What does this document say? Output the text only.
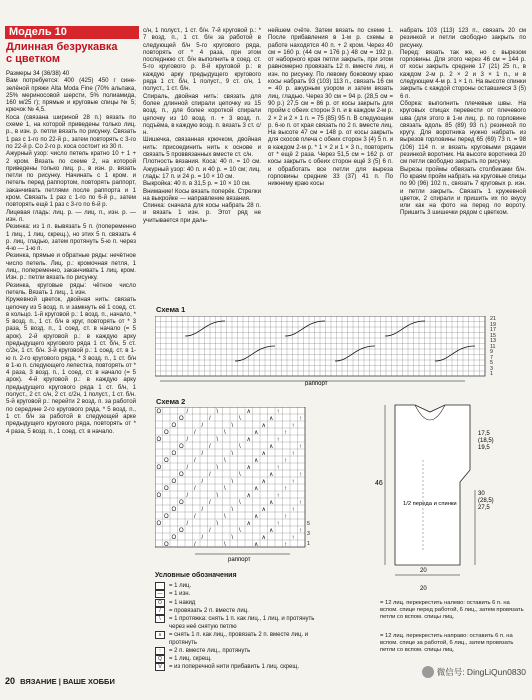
Модель 10
Длинная безрукавка
с цветком
Размеры 34 (36/38) 40
Вам потребуется: 400 (425) 450 г сине-зелёной пряжи Alta Moda Fine (70% альпака, 25% мериносовой шерсти, 5% полиамида, 160 м/25 г); прямые и круговые спицы № 5; крючок № 4,5.
Коса (связана шириной 28 п.) вязать по схеме 1, на которой приведены только лиц. р., в изн. р. петли вязать по рисунку. Связать 1 раз с 1-го по 22-й р., затем повторять с 3-го по 22-й р. Со 2-го р. коса состоит из 30 п.
Ажурный узор: число петель кратно 10 + 1 + 2 кром. Вязать по схеме 2, на которой приведены только лиц. р., в изн. р. вязать петли по рисунку. Начинать с 1 кром. и петель перед раппортом, повторять раппорт, заканчивать петлями после раппорта и 1 кром. Связать 1 раз с 1-го по 6-й р., затем повторять ещё 1 раз с 3-го по 6-й р.
Лицевая гладь: лиц. р. — лиц. п., изн. р. — изн. п.
Резинка: из 1 п. вывязать 5 п. (попеременно 1 лиц., 1 лиц. скрещ.), но этих 5 п. связать 4 р. лиц. гладью, затем протянуть 5-ю п. через 4-ю — 1-ю п.
Резинка, прямые и обратные ряды: нечётное число петель. Лиц. р.: кромочная петля, 1 лиц., попеременно, заканчивать 1 лиц. крoм. Изн. р.: петли вязать по рисунку.
Резинка, круговые ряды: чётное число петель. Вязать 1 лиц., 1 изн.
Кружевной цветок, двойная нить: связать цепочку из 5 возд. п. и замкнуть её 1 соед. ст. в кольцо. 1-й круговой р.: 1 возд. п., начало, * 5 возд. п., 1 ст. б/н в круг, повторять от * 3 раза, 5 возд. п., 1 соед. ст. в начало (= 5 арок). 2-й круговой р.: в каждую арку предыдущего кругового ряда 1 ст. б/н, 5 ст. с/2н, 1 ст. б/н. 3-й круговой р.: 1 соед. ст. в 1-ю п. 2-го кругового ряда, * 3 возд. п., 1 ст. б/н в 1-ю п. следующего лепестка, повторять от * 4 раза, 3 возд. п., 1 соед. ст. в начало (= 5 арок). 4-й круговой р.: в каждую арку предыдущего кругового ряда 1 ст. б/н, 1 полуст., 2 ст. с/н, 2 ст. с/2н, 1 полуст., 1 ст. б/н. 5-й круговой р.: перейти 2 возд. п. за работой по середине 2-го кругового ряда, * 5 возд. п., 1 ст. б/н за работой в следующей арке предыдущего кругового ряда, повторять от * 4 раза, 5 возд. п., 1 соед. ст. в начало.
с/н, 1 полуст., 1 ст. б/н. 7-й круговой р.: * 7 возд. п., 1 ст. б/н за работой в следующей б/н 5-го кругового ряда, повторять от * 4 раза, при этом последнюю ст. б/н выполнить в соед. ст. 5-го кругового р. 8-й круговой р.: в каждую арку предыдущего кругового ряда 1 ст. б/н, 1 полуст., 9 ст. с/н, 1 полуст., 1 ст. б/н.
Спираль, двойная нить: связать для более длинной спирали цепочку из 15 возд. п., для более короткой спирали цепочку из 10 возд. п. + 3 возд. п. подъёма, в каждую возд. п. вязать 3 ст. с/н.
Шишечка, связанная крючком, двойная нить: присоединить нить к основе и связать 5 проввязанных вместе ст. с/н.
Плотность вязания. Коса: 40 п. = 10 см. Ажурный узор: 40 п. и 40 р. = 10 см; лиц. гладь: 17 п. и 24 р. = 10 × 10 см.
Выкройка: 40 п. в 31,5 р. = 10 × 10 см.
Внимание! Косы вязать поперёк. Стрелки на выкройке — направление вязания.
Спинка: сначала для косы набрать 28 п. и вязать 1 изн. р. Этот ряд не учитывается при даль-
нейшем счёте. Затем вязать по схеме 1. После прибавления в 1-м р. схемы в работе находятся 40 п. + 2 кром. Через 40 см = 160 р. (44 см = 176 р.) 48 см = 192 р. от наборного края петли закрыть, при этом равномерно провязать 12 п. вместе лиц. и изн. по рисунку. По левому боковому краю косы набрать 93 (103) 113 п., связать 16 см = 40 р. ажурным узором и затем вязать лиц. гладью. Через 30 см = 94 р. (28,5 см = 90 р.) 27,5 см = 86 р. от косы закрыть для пройм с обеих сторон 3 п. и в каждом 2-м р. 2 × 2 и 2 × 1 п. = 75 (85) 95 п. В следующем р. 6-ю п. от края связать по 2 п. вместе лиц. На высоте 47 см = 148 р. от косы закрыть для скосов плеча с обеих сторон 3 (4) 5 п. и в каждом 2-м р. * 1 × 2 и 1 × 3 п., повторить от * ещё 2 раза. Через 51,5 см = 162 р. от косы закрыть с обеих сторон ещё 3 (5) 6 п. и обработать все петли для выреза горловины средние 33 (37) 41 п. По нижнему краю косы
набрать 103 (113) 123 п., связать 20 см резинкой и петли свободно закрыть по рисунку.
Перед: вязать так же, но с вырезом горловины. Для этого через 46 см = 144 р. от косы закрыть средние 17 (21) 25 п., в каждом 2-м р. 2 × 2 и 3 × 1 п., и в следующем 4-м р. 1 × 1 п. На высоте спинки закрыть с каждой стороны оставшиеся 3 (5) 6 п.
Сборка: выполнить плечевые швы. На круговых спицах перевести от плечевого шва (для этого в 1-м лиц. р. по горловине связать вдоль 85 (89) 93 п.) резинкой по кругу. Для воротника нужно набрать из вырезов горловины перед 65 (69) 73 п. = 98 (106) 114 п. и вязать круговыми рядами резинкой воротник. На высоте воротника 20 см петли свободно закрыть по рисунку.
Вырезы проймы обвязать столбиками б/н. По краям пройм набрать на круговые спицы по 90 (96) 102 п., связать 7 круговых р. изн. и петли закрыть. Связать 1 кружевной цветок, 2 спирали и пришить их по вкусу или как на фото на перед по вороту. Пришить 3 шишечки рядом с цветком.
Схема 1
раппорт
21
19
17
15
13
11
9
7
5
3
1
Схема 2
O	/	\	∧	↑
O	/	\	∧	↑
O	/	\	∧	↑
O	/	\	∧	↑
O	/	\	∧	↑
O	/	\	∧	↑
O	/	\	∧	↑
O	/	\	∧	↑
O	/	\	∧	↑
O	/	\	∧	↑
O	/	\	∧	↑
O	/	\	∧	↑
O	/	\	∧	↑
O	/	\	∧	↑
O	/	\	∧	↑
O	/	\	∧	↑
O	/	\	∧	↑
O	/	\	∧	↑
O	/	\	∧	↑
O	/	\	∧	↑
раппорт
5
3
1
46
1/2 переда и спинки
17,5
(18,5)
19,5
30
(28,5)
27,5
20
20
Условные обозначения
= 1 лиц.
—	= 1 изн.
O	= 1 накид
/	= провязать 2 п. вместе лиц.
\	= 1 протяжка: снять 1 п. как лиц., 1 лиц. и протянуть через неё снятую петлю
∧	= снять 1 п. как лиц., провязать 2 п. вместе лиц. и протянуть
↑	= 2 п. вместе лиц., протянуть
Q	= 1 лиц. скрещ.
V	= из поперечной нити прибавить 1 лиц. скрещ.
= 12 лиц. перекрестить налево: оставить 6 п. на вспом. спице перед работой, 6 лиц., затем провязать петли со вспом. спицы лиц.
= 12 лиц. перекрестить направо: оставить 6 п. на вспом. спице за работой, 6 лиц., затем провязать петли со вспом. спицы лиц.
20 ВЯЗАНИЕ | ВАШЕ ХОББИ
微信号: DingLiQun0830
